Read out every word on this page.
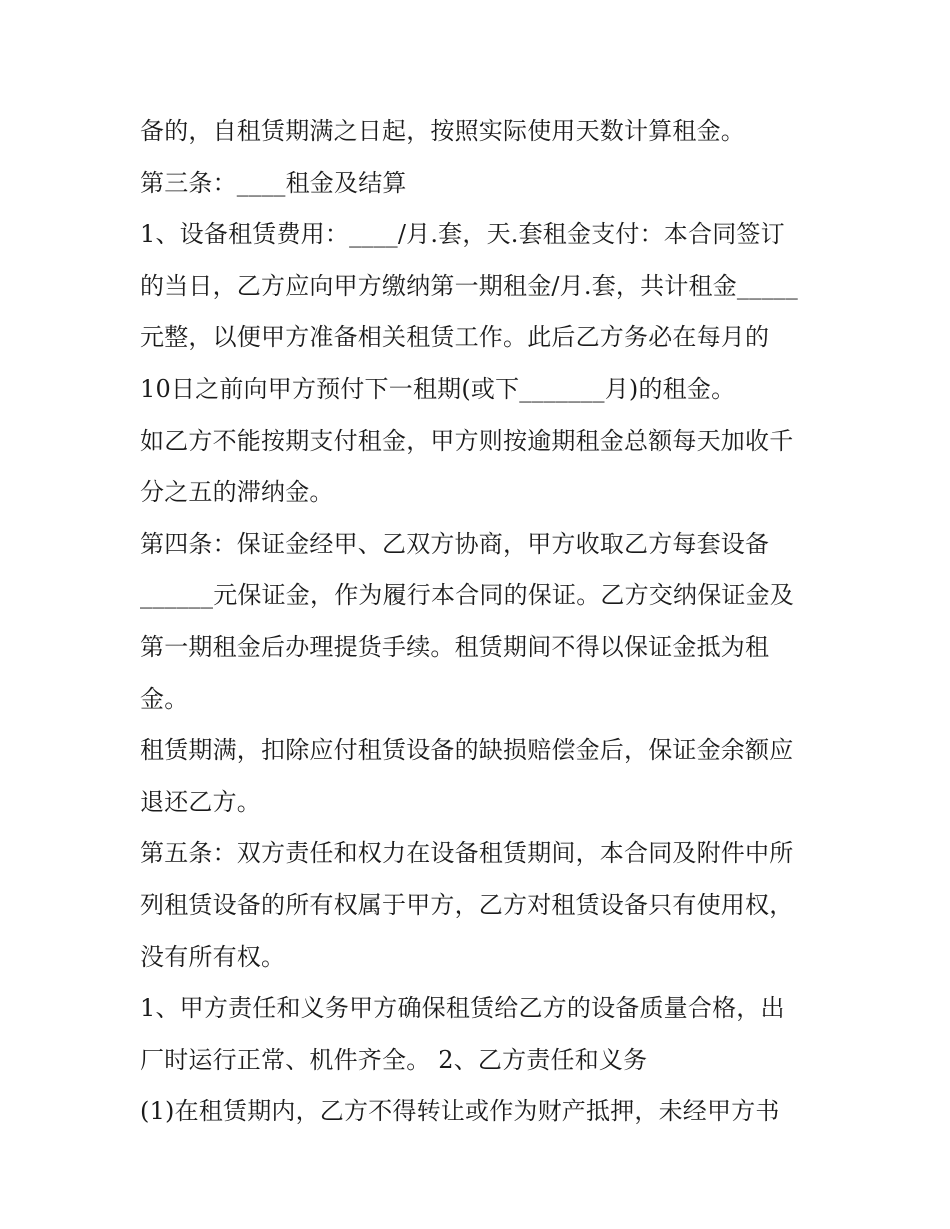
备的，自租赁期满之日起，按照实际使用天数计算租金。
第三条：____租金及结算
1、设备租赁费用：____/月.套，天.套租金支付：本合同签订
的当日，乙方应向甲方缴纳第一期租金/月.套，共计租金_____
元整，以便甲方准备相关租赁工作。此后乙方务必在每月的
10日之前向甲方预付下一租期(或下_______月)的租金。
如乙方不能按期支付租金，甲方则按逾期租金总额每天加收千
分之五的滞纳金。
第四条：保证金经甲、乙双方协商，甲方收取乙方每套设备
______元保证金，作为履行本合同的保证。乙方交纳保证金及
第一期租金后办理提货手续。租赁期间不得以保证金抵为租
金。
租赁期满，扣除应付租赁设备的缺损赔偿金后，保证金余额应
退还乙方。
第五条：双方责任和权力在设备租赁期间，本合同及附件中所
列租赁设备的所有权属于甲方，乙方对租赁设备只有使用权，
没有所有权。
1、甲方责任和义务甲方确保租赁给乙方的设备质量合格，出
厂时运行正常、机件齐全。 2、乙方责任和义务
(1)在租赁期内，乙方不得转让或作为财产抵押，未经甲方书
